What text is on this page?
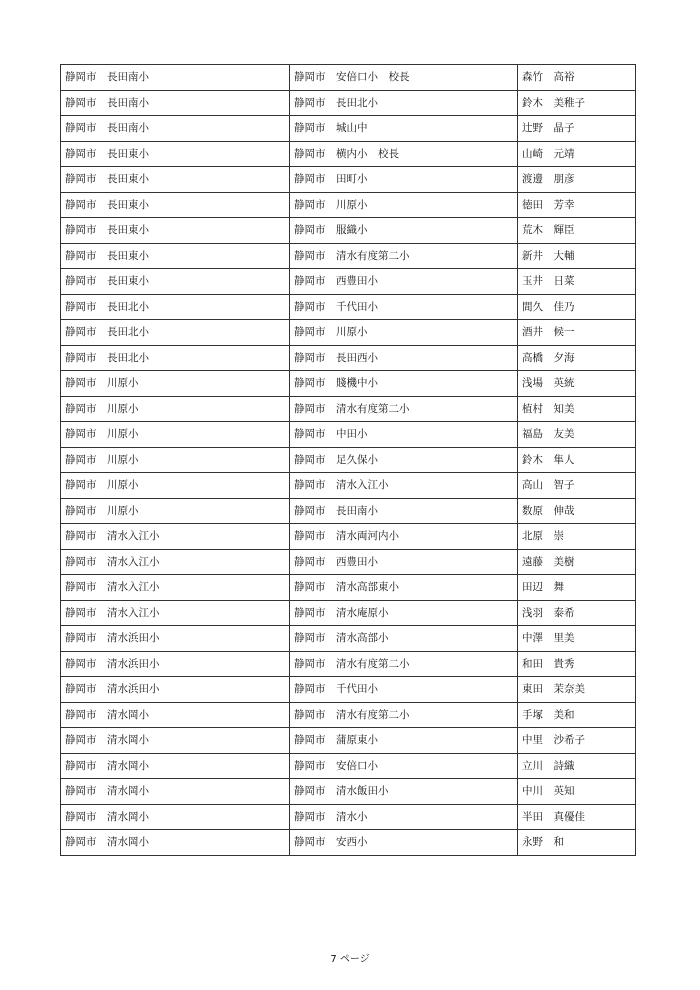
静岡市　長田南小	静岡市　安倍口小　校長	森竹　高裕
静岡市　長田南小	静岡市　長田北小	鈴木　美稚子
静岡市　長田南小	静岡市　城山中	辻野　晶子
静岡市　長田東小	静岡市　横内小　校長	山崎　元靖
静岡市　長田東小	静岡市　田町小	渡邊　朋彦
静岡市　長田東小	静岡市　川原小	徳田　芳幸
静岡市　長田東小	静岡市　服織小	荒木　輝臣
静岡市　長田東小	静岡市　清水有度第二小	新井　大輔
静岡市　長田東小	静岡市　西豊田小	玉井　日菜
静岡市　長田北小	静岡市　千代田小	間久　佳乃
静岡市　長田北小	静岡市　川原小	酒井　候一
静岡市　長田北小	静岡市　長田西小	高橋　夕海
静岡市　川原小	静岡市　賤機中小	浅場　英統
静岡市　川原小	静岡市　清水有度第二小	植村　知美
静岡市　川原小	静岡市　中田小	福島　友美
静岡市　川原小	静岡市　足久保小	鈴木　隼人
静岡市　川原小	静岡市　清水入江小	高山　智子
静岡市　川原小	静岡市　長田南小	数原　伸哉
静岡市　清水入江小	静岡市　清水両河内小	北原　崇
静岡市　清水入江小	静岡市　西豊田小	遠藤　美樹
静岡市　清水入江小	静岡市　清水高部東小	田辺　舞
静岡市　清水入江小	静岡市　清水庵原小	浅羽　泰希
静岡市　清水浜田小	静岡市　清水高部小	中澤　里美
静岡市　清水浜田小	静岡市　清水有度第二小	和田　貴秀
静岡市　清水浜田小	静岡市　千代田小	東田　茉奈美
静岡市　清水岡小	静岡市　清水有度第二小	手塚　美和
静岡市　清水岡小	静岡市　蒲原東小	中里　沙希子
静岡市　清水岡小	静岡市　安倍口小	立川　詩織
静岡市　清水岡小	静岡市　清水飯田小	中川　英知
静岡市　清水岡小	静岡市　清水小	半田　真優佳
静岡市　清水岡小	静岡市　安西小	永野　和
7 ページ
